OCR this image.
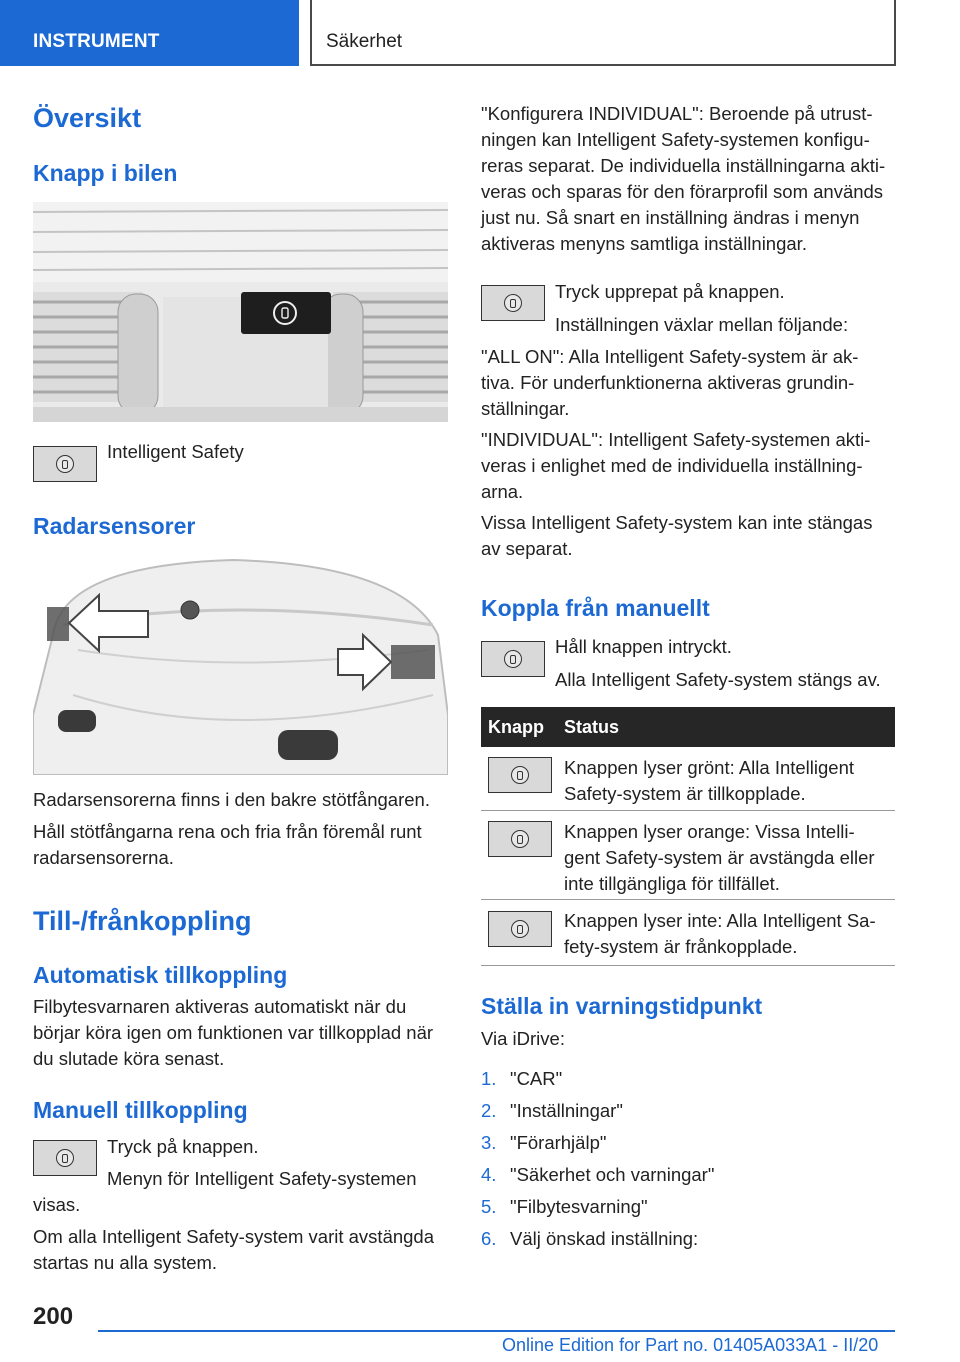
INSTRUMENT	Säkerhet
Översikt
Knapp i bilen
Intelligent Safety
Radarsensorer
Radarsensorerna finns i den bakre stötfångaren.
Håll stötfångarna rena och fria från föremål runt
radarsensorerna.
Till-/frånkoppling
Automatisk tillkoppling
Filbytesvarnaren aktiveras automatiskt när du
börjar köra igen om funktionen var tillkopplad när
du slutade köra senast.
Manuell tillkoppling
Tryck på knappen.
Menyn för Intelligent Safety-systemen
visas.
Om alla Intelligent Safety-system varit avstängda
startas nu alla system.
"Konfigurera INDIVIDUAL": Beroende på utrust-
ningen kan Intelligent Safety-systemen konfigu-
reras separat. De individuella inställningarna akti-
veras och sparas för den förarprofil som används
just nu. Så snart en inställning ändras i menyn
aktiveras menyns samtliga inställningar.
Tryck upprepat på knappen.
Inställningen växlar mellan följande:
"ALL ON": Alla Intelligent Safety-system är ak-
tiva. För underfunktionerna aktiveras grundin-
ställningar.
"INDIVIDUAL": Intelligent Safety-systemen akti-
veras i enlighet med de individuella inställning-
arna.
Vissa Intelligent Safety-system kan inte stängas
av separat.
Koppla från manuellt
Håll knappen intryckt.
Alla Intelligent Safety-system stängs av.
Knapp Status
Knappen lyser grönt: Alla Intelligent
Safety-system är tillkopplade.
Knappen lyser orange: Vissa Intelli-
gent Safety-system är avstängda eller
inte tillgängliga för tillfället.
Knappen lyser inte: Alla Intelligent Sa-
fety-system är frånkopplade.
Ställa in varningstidpunkt
Via iDrive:
1. "CAR"
2. "Inställningar"
3. "Förarhjälp"
4. "Säkerhet och varningar"
5. "Filbytesvarning"
6. Välj önskad inställning:
200
Online Edition for Part no. 01405A033A1 - II/20
